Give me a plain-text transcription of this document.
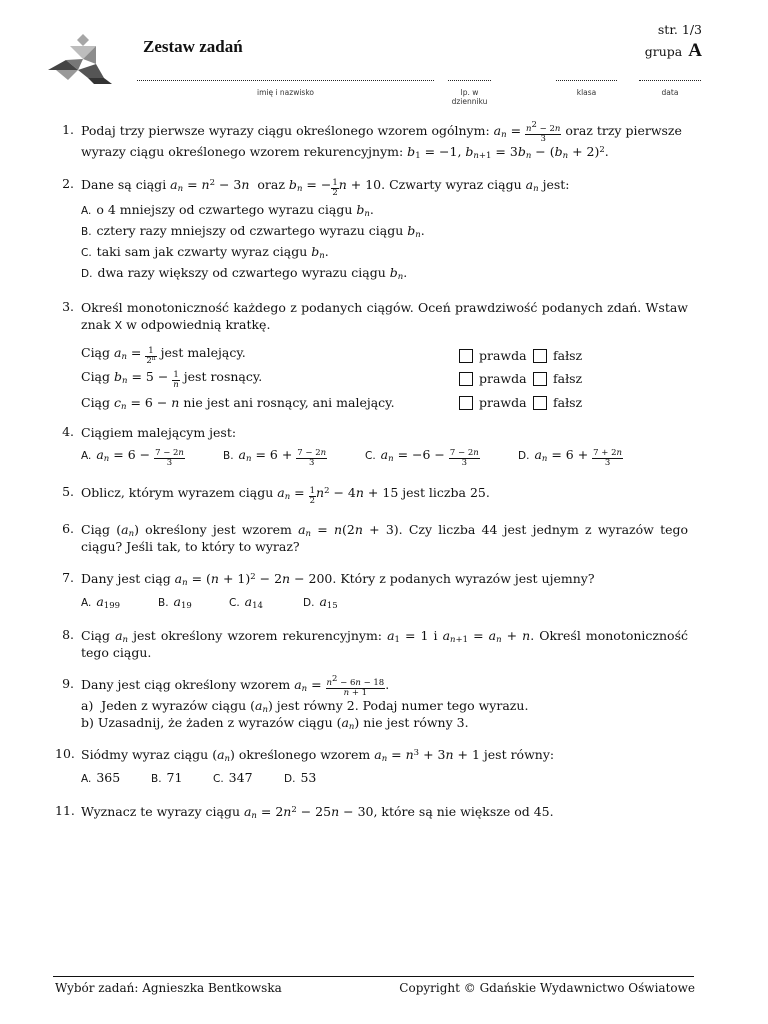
Zestaw zadań
str. 1/3
grupa A
imię i nazwisko	lp. w dzienniku
klasa	data
1. Podaj trzy pierwsze wyrazy ciągu określonego wzorem ogólnym: $a_n = \frac{n^2 - 2n}{3}$ oraz trzy pierwsze wyrazy ciągu określonego wzorem rekurencyjnym: $b_1 = -1$, $b_{n+1} = 3b_n - (b_n + 2)^2$.
2. Dane są ciągi $a_n = n^2 - 3n$  oraz $b_n$ = − $\frac{1}{2}$ n + 10. Czwarty wyraz ciągu $a_n$ jest:
A. o 4 mniejszy od czwartego wyrazu ciągu $b_n$.
B. cztery razy mniejszy od czwartego wyrazu ciągu $b_n$.
C. taki sam jak czwarty wyraz ciągu $b_n$.
D. dwa razy większy od czwartego wyrazu ciągu $b_n$.
3. Określ monotoniczność każdego z podanych ciągów. Oceń prawdziwość podanych zdań. Wstaw znak X w odpowiednią kratkę.
Ciąg $a_n = \frac{1}{2^n}$ jest malejący.	prawda	fałsz
Ciąg $b_n = 5 - \frac{1}{n}$ jest rosnący.	prawda	fałsz
Ciąg $c_n = 6 - n$ nie jest ani rosnący, ani malejący.	prawda	fałsz
4. Ciągiem malejącym jest:
A. $a_n = 6 - \frac{7 - 2n}{3}$	B. $a_n = 6 + \frac{7 - 2n}{3}$	C. $a_n = -6 - \frac{7 - 2n}{3}$	D. $a_n = 6 + \frac{7 + 2n}{3}$
5. Oblicz, którym wyrazem ciągu $a_n = \frac{1}{2} n^2 - 4n + 15$ jest liczba 25.
6. Ciąg $(a_n)$ określony jest wzorem $a_n = n(2n + 3)$. Czy liczba 44 jest jednym z wyrazów tego ciągu? Jeśli tak, to który to wyraz?
7. Dany jest ciąg $a_n = (n + 1)^2 - 2n - 200$. Który z podanych wyrazów jest ujemny?
A. $a_{199}$	B. $a_{19}$	C. $a_{14}$	D. $a_{15}$
8. Ciąg $a_n$ jest określony wzorem rekurencyjnym: $a_1 = 1$ i $a_{n+1} = a_n + n$. Określ monotoniczność tego ciągu.
9. Dany jest ciąg określony wzorem $a_n = \frac{n^2 - 6n - 18}{n + 1}$ .
a)  Jeden z wyrazów ciągu $(a_n)$ jest równy 2. Podaj numer tego wyrazu.
b) Uzasadnij, że żaden z wyrazów ciągu $(a_n)$ nie jest równy 3.
10. Siódmy wyraz ciągu $(a_n)$ określonego wzorem $a_n = n^3 + 3n + 1$ jest równy:
A. 365	B. 71	C. 347	D. 53
11. Wyznacz te wyrazy ciągu $a_n = 2n^2 - 25n - 30$, które są nie większe od 45.
Wybór zadań: Agnieszka Bentkowska	Copyright © Gdańskie Wydawnictwo Oświatowe
